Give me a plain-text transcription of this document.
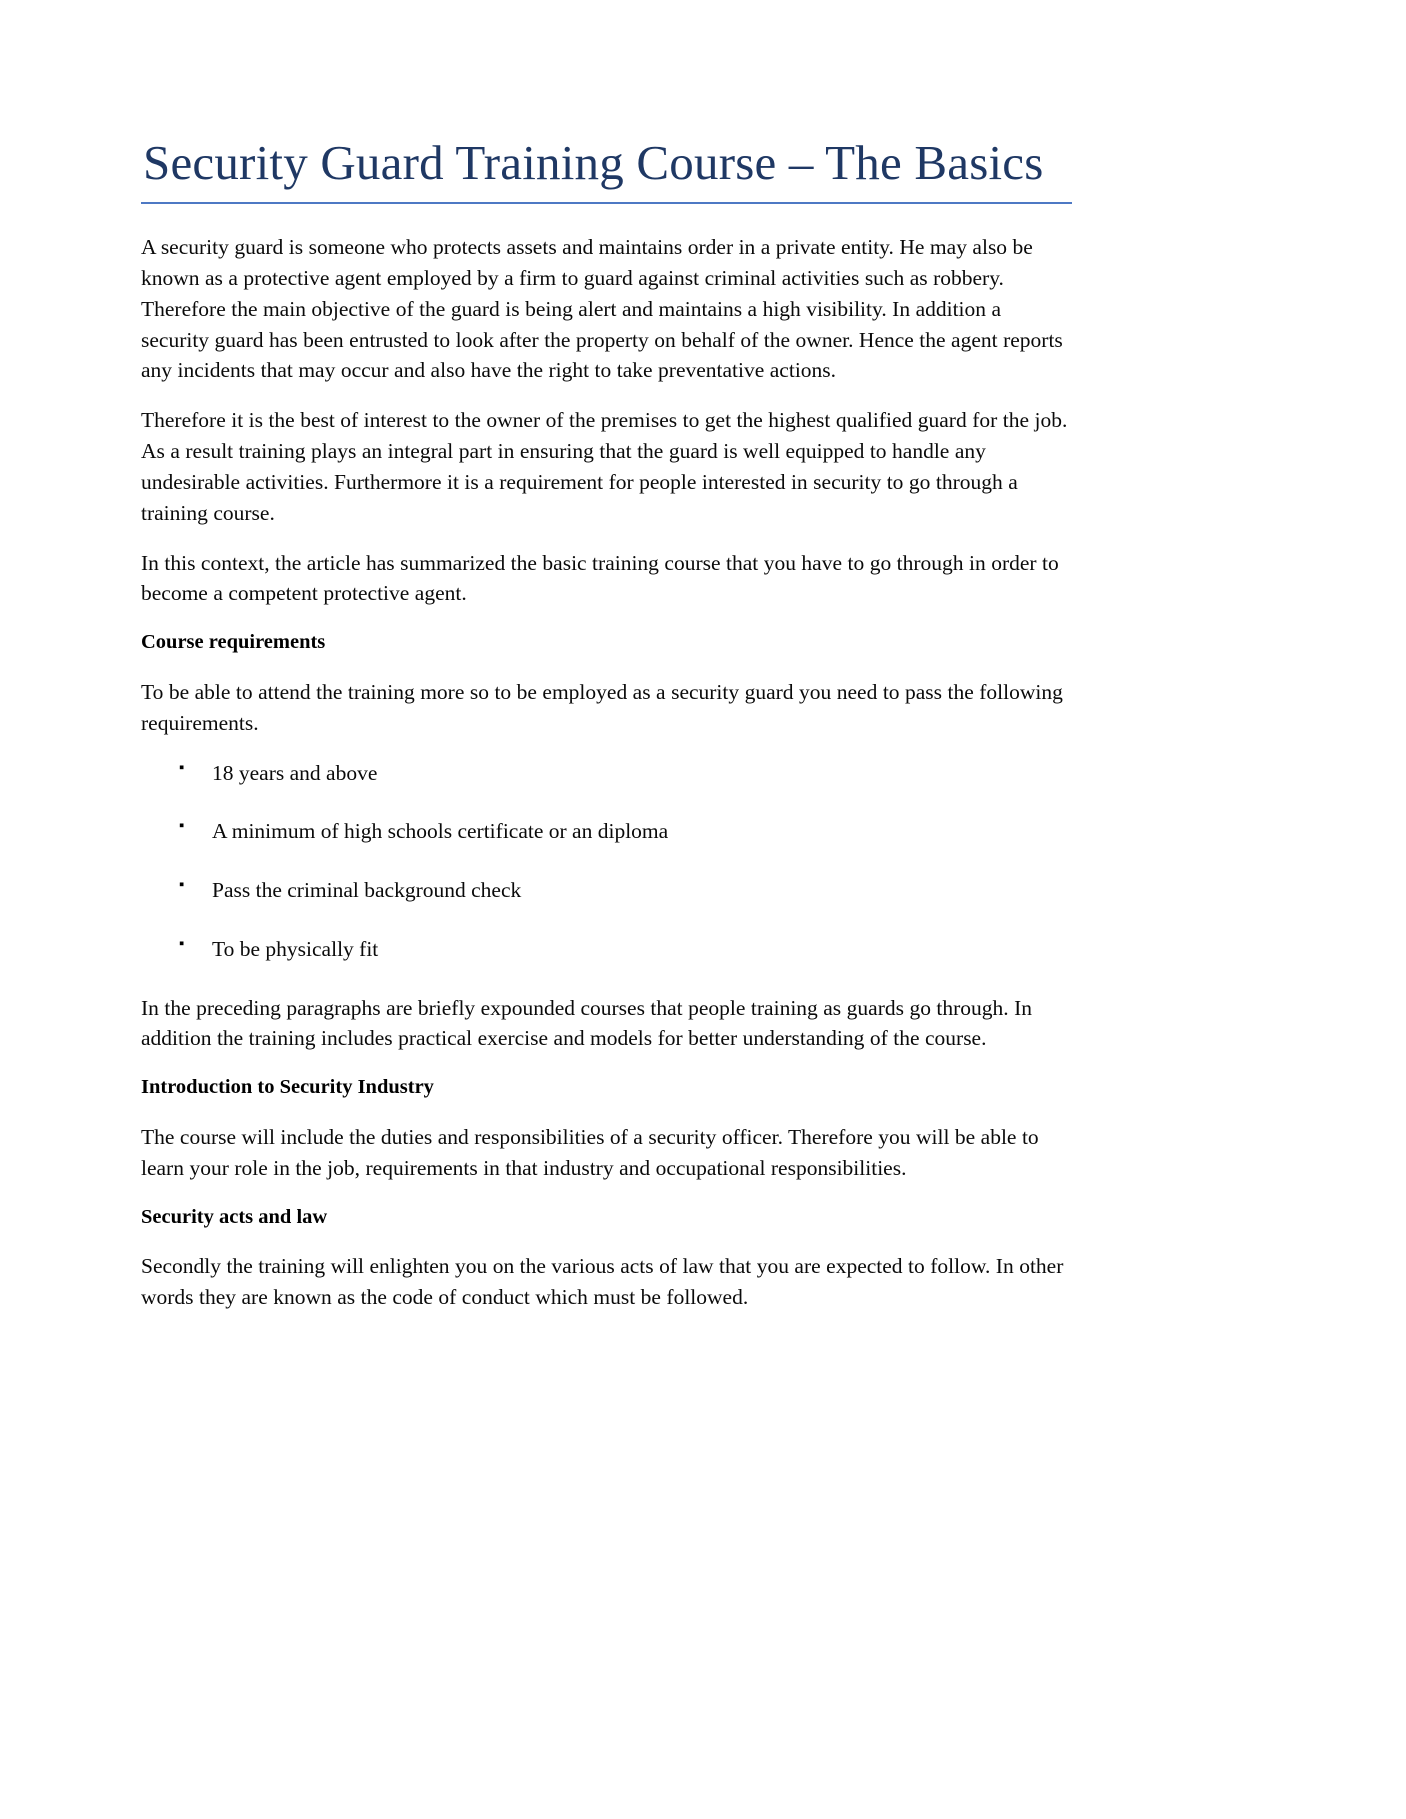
Security Guard Training Course – The Basics

A security guard is someone who protects assets and maintains order in a private entity. He may also be known as a protective agent employed by a firm to guard against criminal activities such as robbery. Therefore the main objective of the guard is being alert and maintains a high visibility. In addition a security guard has been entrusted to look after the property on behalf of the owner. Hence the agent reports any incidents that may occur and also have the right to take preventative actions.

Therefore it is the best of interest to the owner of the premises to get the highest qualified guard for the job. As a result training plays an integral part in ensuring that the guard is well equipped to handle any undesirable activities. Furthermore it is a requirement for people interested in security to go through a training course.

In this context, the article has summarized the basic training course that you have to go through in order to become a competent protective agent.

Course requirements

To be able to attend the training more so to be employed as a security guard you need to pass the following requirements.

▪ 18 years and above
▪ A minimum of high schools certificate or an diploma
▪ Pass the criminal background check
▪ To be physically fit

In the preceding paragraphs are briefly expounded courses that people training as guards go through. In addition the training includes practical exercise and models for better understanding of the course.

Introduction to Security Industry

The course will include the duties and responsibilities of a security officer. Therefore you will be able to learn your role in the job, requirements in that industry and occupational responsibilities.

Security acts and law

Secondly the training will enlighten you on the various acts of law that you are expected to follow. In other words they are known as the code of conduct which must be followed.
